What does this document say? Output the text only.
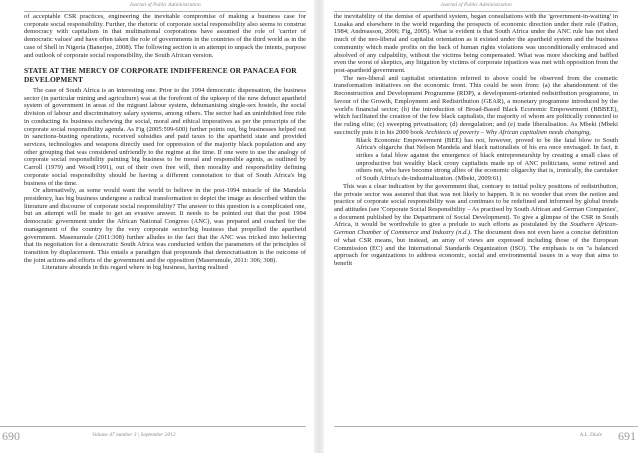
Journal of Public Administration

of acceptable CSR practices, engineering the inevitable compromise of making a business case for corporate social responsibility. Further, the rhetoric of corporate social responsibility also seems to construe democracy with capitalism in that multinational corporations have assumed the role of 'carrier of democratic values' and have often taken the role of governments in the countries of the third world as in the case of Shell in Nigeria (Banerjee, 2008). The following section is an attempt to unpack the intents, purpose and outlook of corporate social responsibility, the South African version.

STATE AT THE MERCY OF CORPORATE INDIFFERENCE OR PANACEA FOR DEVELOPMENT

The case of South Africa is an interesting one. Prior to the 1994 democratic dispensation, the business sector (in particular mining and agriculture) was at the forefront of the upkeep of the now defunct apartheid system of government in areas of the migrant labour system, dehumanising single-sex hostels, the social division of labour and discriminatory salary systems, among others. The sector had an uninhibited free ride in conducting its business eschewing the social, moral and ethical imperatives as per the prescripts of the corporate social responsibility agenda. As Fig (2005:599-600) further points out, big businesses helped out in sanctions-busting operations, received subsidies and paid taxes to the apartheid state and provided services, technologies and weapons directly used for oppression of the majority black population and any other grouping that was considered unfriendly to the regime at the time. If one were to use the analogy of corporate social responsibility painting big business to be moral and responsible agents, as outlined by Carroll (1979) and Wood(1991), out of their own free will, then morality and responsibility defining corporate social responsibility should be having a different connotation to that of South Africa's big business of the time.

Or alternatively, as some would want the world to believe in the post-1994 miracle of the Mandela presidency, has big business undergone a radical transformation to depict the image as described within the literature and discourse of corporate social responsibility? The answer to this question is a complicated one, but an attempt will be made to get an evasive answer. It needs to be pointed out that the post 1994 democratic government under the African National Congress (ANC), was prepared and coached for the management of the country by the very corporate sector/big business that propelled the apartheid government. Masenumule (2011:308) further alludes to the fact that the ANC was tricked into believing that its negotiation for a democratic South Africa was conducted within the parameters of the principles of transition by displacement. This entails a paradigm that propounds that democratisation is the outcome of the joint actions and efforts of the government and the opposition (Maserumule, 2011: 306; 308).

Literature abounds in this regard where in big business, having realised

690	Volume 47 number 3 | September 2012
Journal of Public Administration

the inevitability of the demise of apartheid system, began consultations with the 'government-in-waiting' in Lusaka and elsewhere in the world regarding the prospects of economic direction under their rule (Fatton, 1984; Andreasson, 2006; Fig, 2005). What is evident is that South Africa under the ANC rule has not shed much of the neo-liberal and capitalist orientation as it existed under the apartheid system and the business community which made profits on the back of human rights violations was unconditionally embraced and absolved of any culpability, without the victims being compensated. What was more shocking and baffled even the worst of skeptics, any litigation by victims of corporate injustices was met with opposition from the post-apartheid government.

The neo-liberal and capitalist orientation referred to above could be observed from the cosmetic transformation initiatives on the economic front. This could be seen from: (a) the abandonment of the Reconstruction and Development Programme (RDP), a development-oriented redistribution programme, in favour of the Growth, Employment and Redistribution (GEAR), a monetary programme introduced by the world's financial sector; (b) the introduction of Broad-Based Black Economic Empowerment (BBBEE), which facilitated the creation of the few black capitalists, the majority of whom are politically connected to the ruling elite; (c) sweeping privatisation; (d) deregulation; and (e) trade liberalisation. As Mbeki (Mbeki succinctly puts it in his 2009 book Architects of poverty – Why African capitalism needs changing,

Black Economic Empowerment (BEE) has not, however, proved to be the fatal blow to South Africa's oligarchs that Nelson Mandela and black nationalists of his era once envisaged. In fact, it strikes a fatal blow against the emergence of black entrepreneurship by creating a small class of unproductive but wealthy black crony capitalists made up of ANC politicians, some retired and others not, who have become strong allies of the economic oligarchy that is, ironically, the caretaker of South Africa's de-industrialization. (Mbeki, 2009:61)

This was a clear indication by the government that, contrary to initial policy positions of redistribution, the private sector was assured that that was not likely to happen. It is no wonder that even the notion and practice of corporate social responsibility was and continues to be redefined and informed by global trends and attitudes (see 'Corporate Social Responsibility – As practised by South African and German Companies', a document published by the Department of Social Development). To give a glimpse of the CSR in South Africa, it would be worthwhile to give a prelude to such efforts as postulated by the Southern African-German Chamber of Commerce and Industry (n.d.). The document does not even have a concise definition of what CSR means, but instead, an array of views are expressed including those of the European Commission (EC) and the International Standards Organization (ISO). The emphasis is on "a balanced approach for organizations to address economic, social and environmental issues in a way that aims to benefit

A.L. Diale 691
